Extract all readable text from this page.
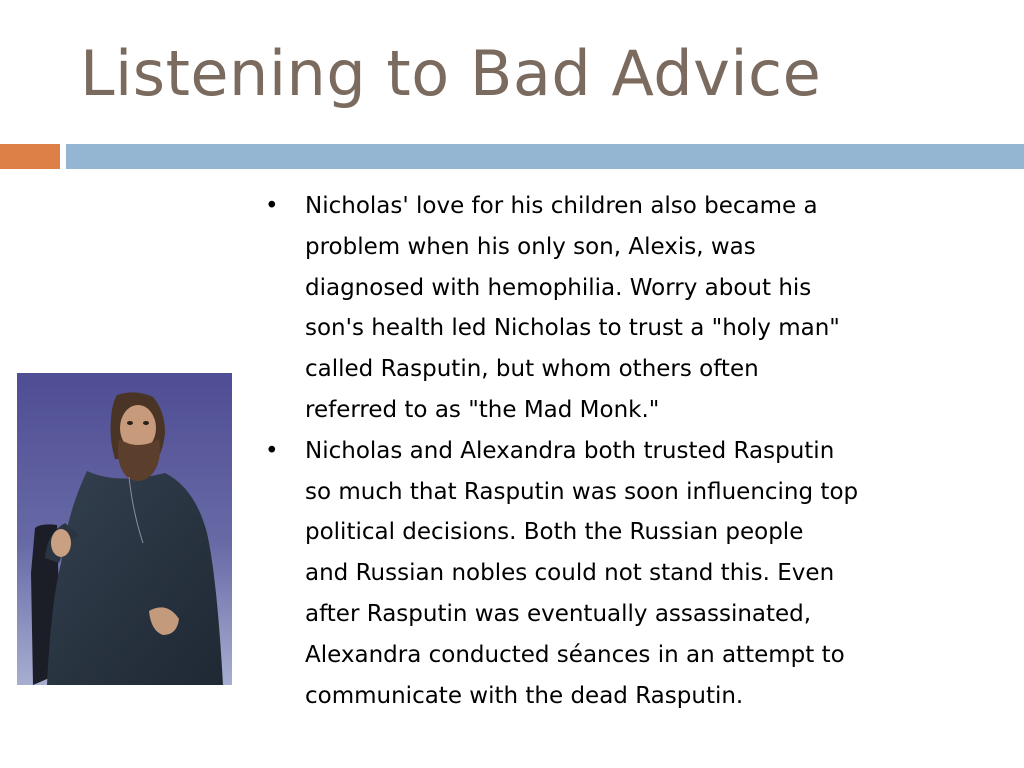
Listening to Bad Advice
• Nicholas' love for his children also became a
problem when his only son, Alexis, was
diagnosed with hemophilia. Worry about his
son's health led Nicholas to trust a "holy man"
called Rasputin, but whom others often
referred to as "the Mad Monk."
• Nicholas and Alexandra both trusted Rasputin
so much that Rasputin was soon influencing top
political decisions. Both the Russian people
and Russian nobles could not stand this. Even
after Rasputin was eventually assassinated,
Alexandra conducted séances in an attempt to
communicate with the dead Rasputin.
